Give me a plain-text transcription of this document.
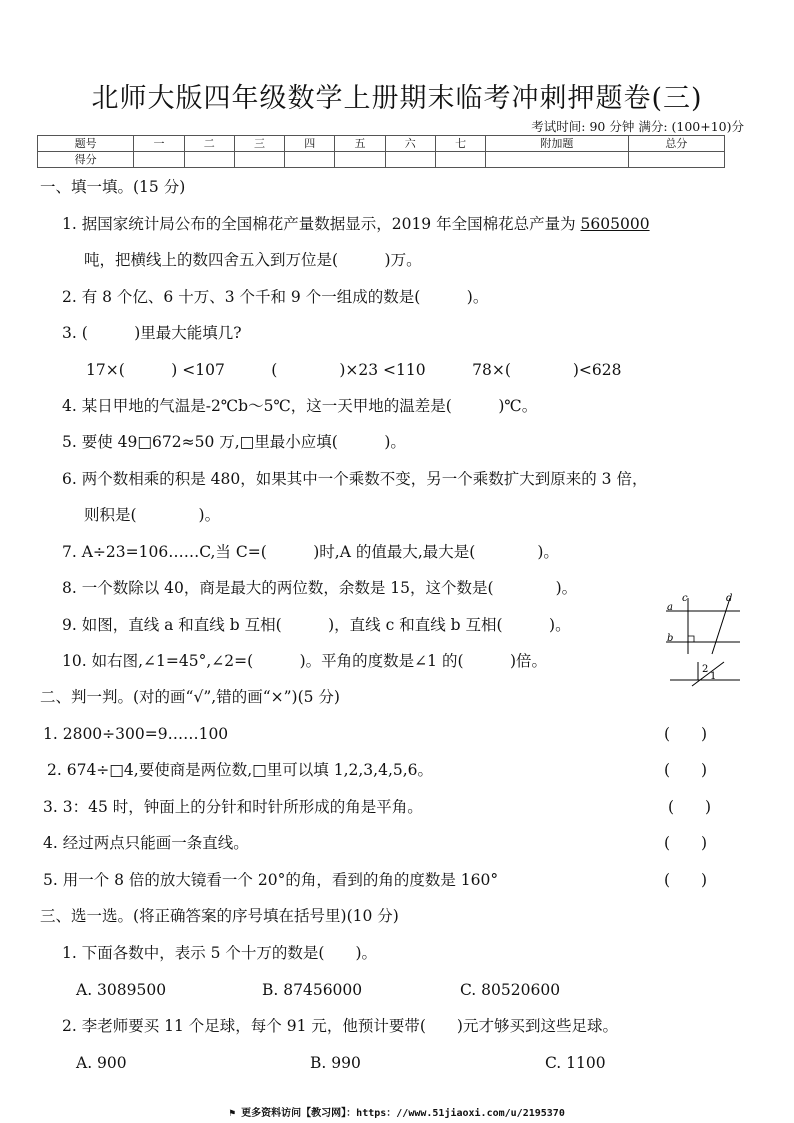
北师大版四年级数学上册期末临考冲刺押题卷(三)
考试时间: 90 分钟 满分: (100+10)分
题号	一	二	三	四	五	六	七	附加题	总分
得分									
一、填一填。(15 分)
1. 据国家统计局公布的全国棉花产量数据显示，2019 年全国棉花总产量为 5605000
吨，把横线上的数四舍五入到万位是(　　　)万。
2. 有 8 个亿、6 十万、3 个千和 9 个一组成的数是(　　　)。
3. (　　　)里最大能填几?
17×(　　　) <107　　　(　　　　)×23 <110　　　78×(　　　　)<628
4. 某日甲地的气温是-2℃b～5℃，这一天甲地的温差是(　　　)℃。
5. 要使 49□672≈50 万,□里最小应填(　　　)。
6. 两个数相乘的积是 480，如果其中一个乘数不变，另一个乘数扩大到原来的 3 倍，
则积是(　　　　)。
7. A÷23=106……C,当 C=(　　　)时,A 的值最大,最大是(　　　　)。
8. 一个数除以 40，商是最大的两位数，余数是 15，这个数是(　　　　)。
9. 如图，直线 a 和直线 b 互相(　　　)，直线 c 和直线 b 互相(　　　)。
10. 如右图,∠1=45°,∠2=(　　　)。平角的度数是∠1 的(　　　)倍。
a
b
c	d
2
1
二、判一判。(对的画“√”,错的画“×”)(5 分)
1. 2800÷300=9……100	(　　)
2. 674÷□4,要使商是两位数,□里可以填 1,2,3,4,5,6。	(　　)
3. 3：45 时，钟面上的分针和时针所形成的角是平角。	(　　)
4. 经过两点只能画一条直线。	(　　)
5. 用一个 8 倍的放大镜看一个 20°的角，看到的角的度数是 160°	(　　)
三、选一选。(将正确答案的序号填在括号里)(10 分)
1. 下面各数中，表示 5 个十万的数是(　　)。
A. 3089500	B. 87456000	C. 80520600
2. 李老师要买 11 个足球，每个 91 元，他预计要带(　　)元才够买到这些足球。
A. 900	B. 990	C. 1100
⚑ 更多资料访问【教习网】：https：//www.51jiaoxi.com/u/2195370
